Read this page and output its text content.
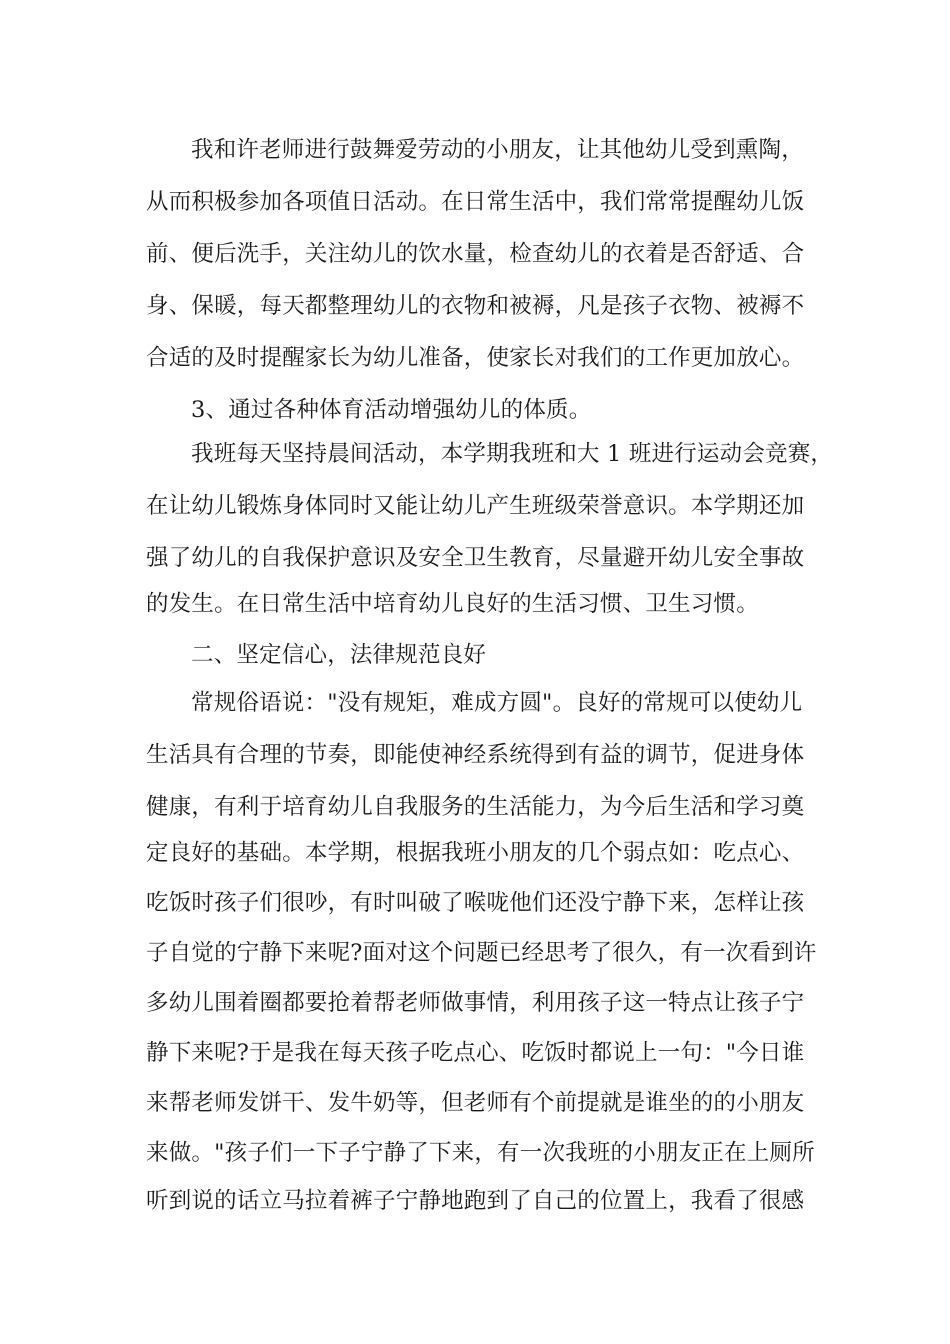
我和许老师进行鼓舞爱劳动的小朋友，让其他幼儿受到熏陶，

从而积极参加各项值日活动。在日常生活中，我们常常提醒幼儿饭

前、便后洗手，关注幼儿的饮水量，检查幼儿的衣着是否舒适、合

身、保暖，每天都整理幼儿的衣物和被褥，凡是孩子衣物、被褥不

合适的及时提醒家长为幼儿准备，使家长对我们的工作更加放心。

3、通过各种体育活动增强幼儿的体质。

我班每天坚持晨间活动，本学期我班和大 1 班进行运动会竞赛，

在让幼儿锻炼身体同时又能让幼儿产生班级荣誉意识。本学期还加

强了幼儿的自我保护意识及安全卫生教育，尽量避开幼儿安全事故

的发生。在日常生活中培育幼儿良好的生活习惯、卫生习惯。

二、坚定信心，法律规范良好

常规俗语说："没有规矩，难成方圆"。良好的常规可以使幼儿

生活具有合理的节奏，即能使神经系统得到有益的调节，促进身体

健康，有利于培育幼儿自我服务的生活能力，为今后生活和学习奠

定良好的基础。本学期，根据我班小朋友的几个弱点如：吃点心、

吃饭时孩子们很吵，有时叫破了喉咙他们还没宁静下来，怎样让孩

子自觉的宁静下来呢?面对这个问题已经思考了很久，有一次看到许

多幼儿围着圈都要抢着帮老师做事情，利用孩子这一特点让孩子宁

静下来呢?于是我在每天孩子吃点心、吃饭时都说上一句："今日谁

来帮老师发饼干、发牛奶等，但老师有个前提就是谁坐的的小朋友

来做。"孩子们一下子宁静了下来，有一次我班的小朋友正在上厕所

听到说的话立马拉着裤子宁静地跑到了自己的位置上，我看了很感
